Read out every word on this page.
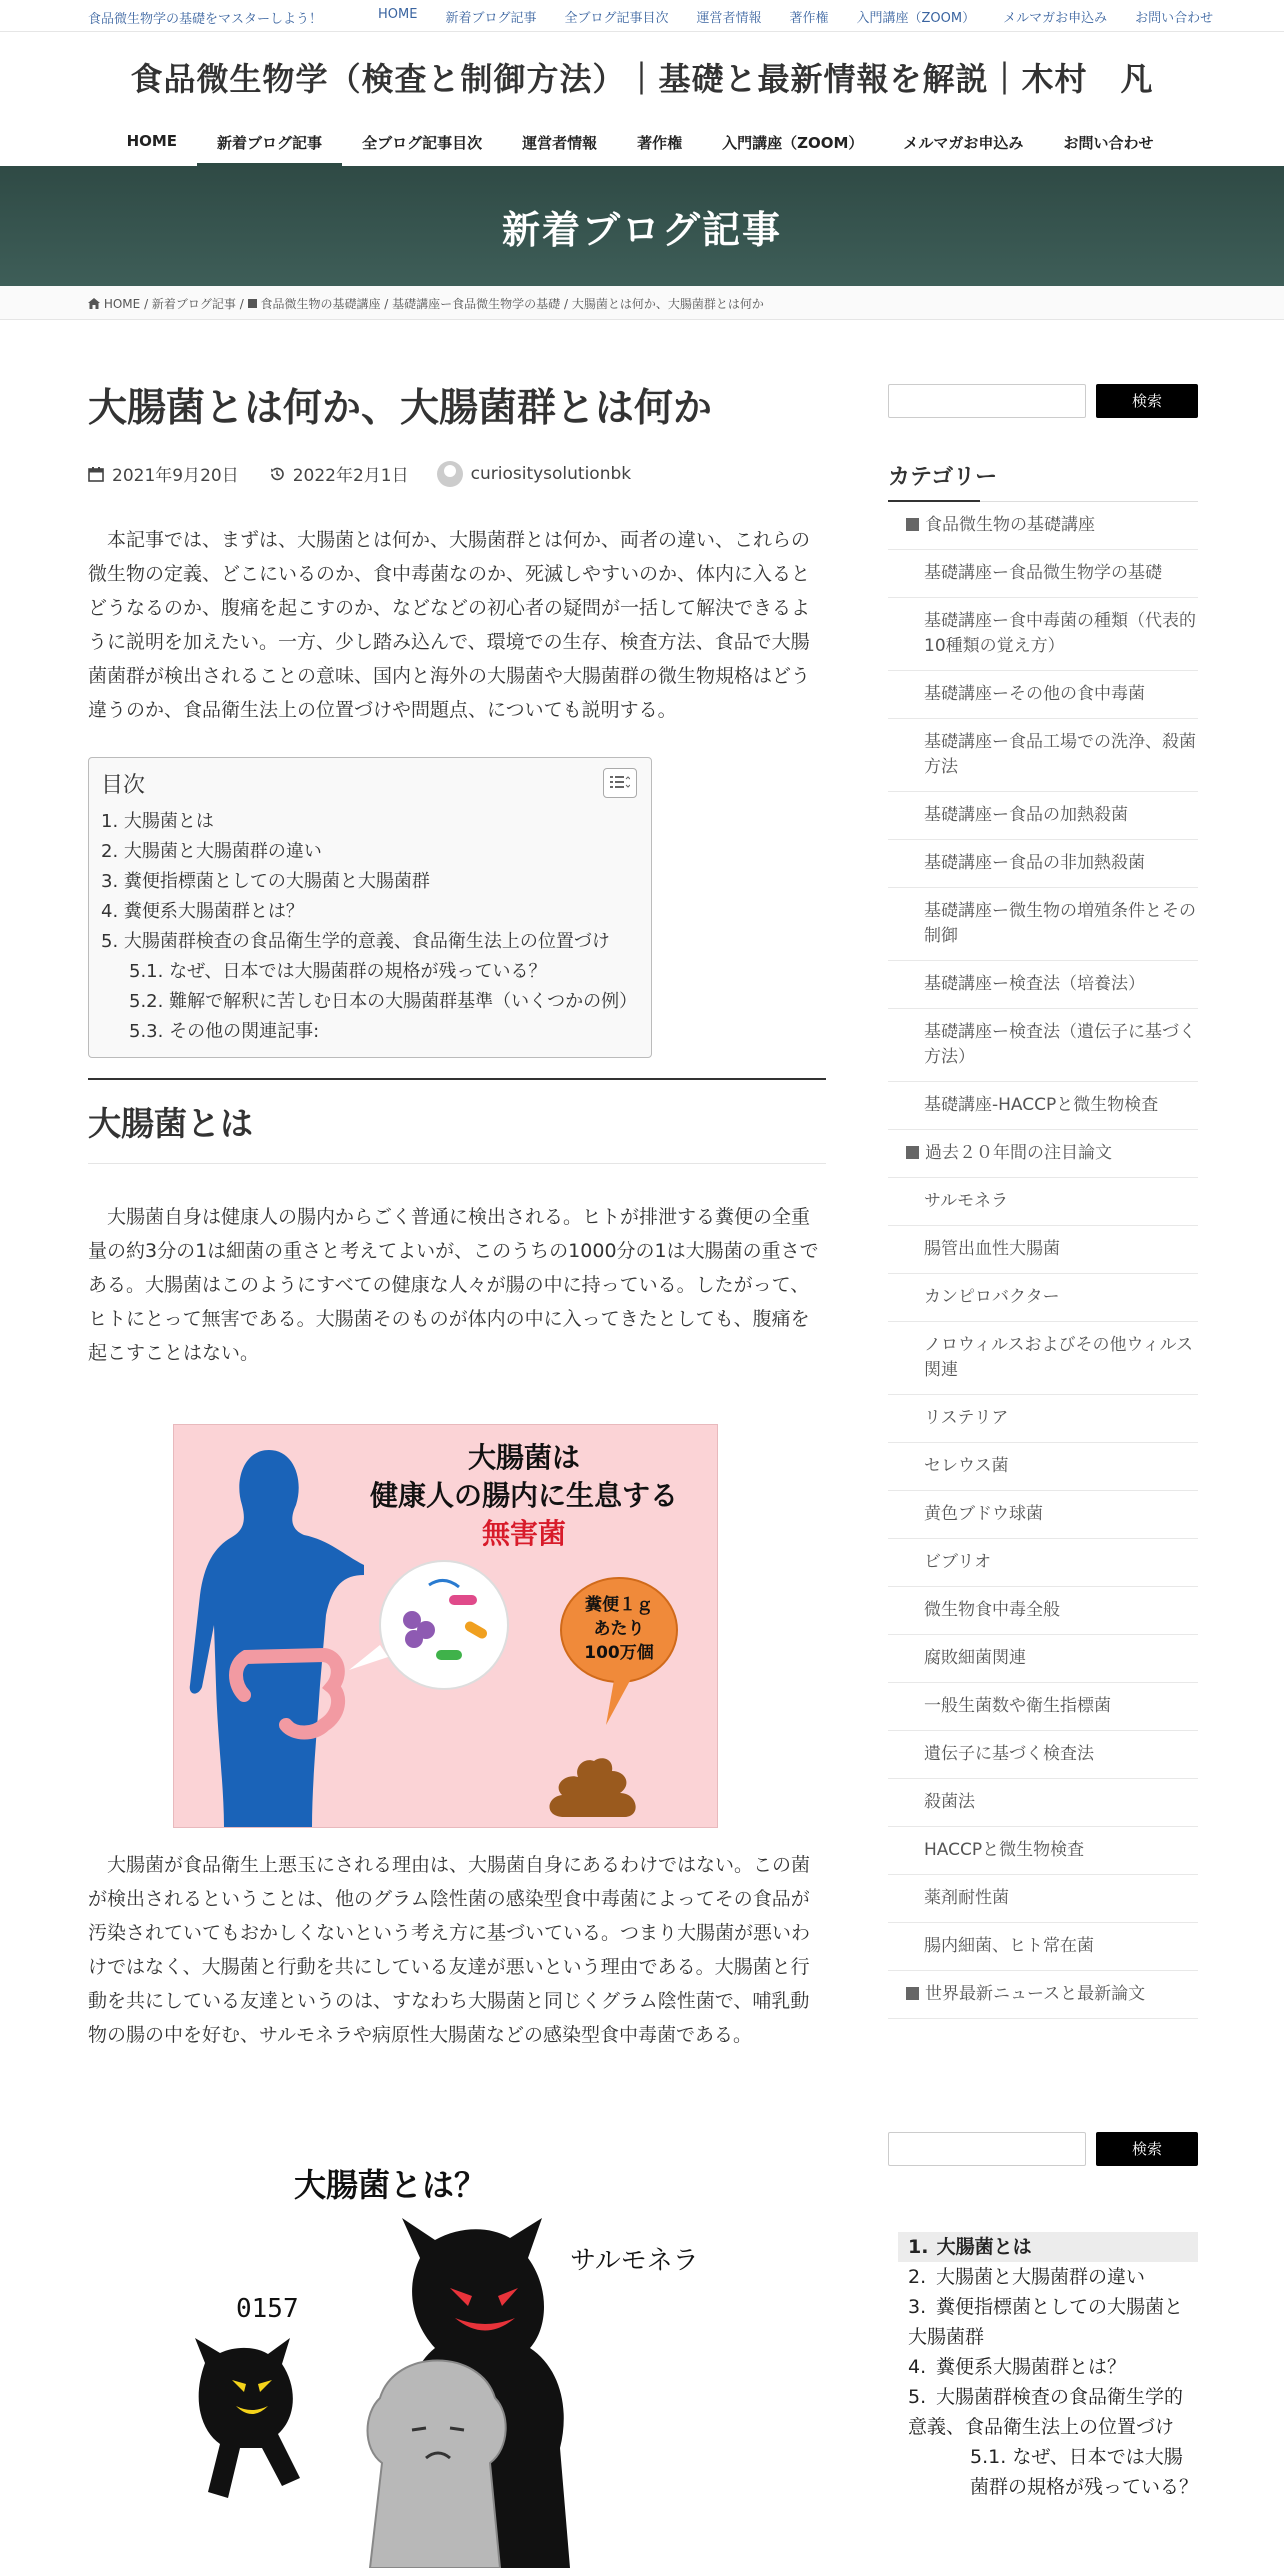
食品微生物学の基礎をマスターしよう！	HOME 新着ブログ記事 全ブログ記事目次 運営者情報 著作権 入門講座（ZOOM） メルマガお申込み お問い合わせ
食品微生物学（検査と制御方法）｜基礎と最新情報を解説｜木村　凡
HOME	新着ブログ記事	全ブログ記事目次	運営者情報	著作権	入門講座（ZOOM）	メルマガお申込み	お問い合わせ
新着ブログ記事
HOME / 新着ブログ記事 /  食品微生物の基礎講座 / 基礎講座ー食品微生物学の基礎 / 大腸菌とは何か、大腸菌群とは何か
大腸菌とは何か、大腸菌群とは何か
2021年9月20日	2022年2月1日	curiositysolutionbk

本記事では、まずは、大腸菌とは何か、大腸菌群とは何か、両者の違い、これらの微生物の定義、どこにいるのか、食中毒菌なのか、死滅しやすいのか、体内に入るとどうなるのか、腹痛を起こすのか、などなどの初心者の疑問が一括して解決できるように説明を加えたい。一方、少し踏み込んで、環境での生存、検査方法、食品で大腸菌菌群が検出されることの意味、国内と海外の大腸菌や大腸菌群の微生物規格はどう違うのか、食品衛生法上の位置づけや問題点、についても説明する。

目次
1. 大腸菌とは
2. 大腸菌と大腸菌群の違い
3. 糞便指標菌としての大腸菌と大腸菌群
4. 糞便系大腸菌群とは？
5. 大腸菌群検査の食品衛生学的意義、食品衛生法上の位置づけ
5.1. なぜ、日本では大腸菌群の規格が残っている？
5.2. 難解で解釈に苦しむ日本の大腸菌群基準（いくつかの例）
5.3. その他の関連記事:
大腸菌とは

大腸菌自身は健康人の腸内からごく普通に検出される。ヒトが排泄する糞便の全重量の約3分の1は細菌の重さと考えてよいが、このうちの1000分の1は大腸菌の重さである。大腸菌はこのようにすべての健康な人々が腸の中に持っている。したがって、ヒトにとって無害である。大腸菌そのものが体内の中に入ってきたとしても、腹痛を起こすことはない。

大腸菌は
健康人の腸内に生息する
無害菌
糞便１ｇ
あたり
100万個

大腸菌が食品衛生上悪玉にされる理由は、大腸菌自身にあるわけではない。この菌が検出されるということは、他のグラム陰性菌の感染型食中毒菌によってその食品が汚染されていてもおかしくないという考え方に基づいている。つまり大腸菌が悪いわけではなく、大腸菌と行動を共にしている友達が悪いという理由である。大腸菌と行動を共にしている友達というのは、すなわち大腸菌と同じくグラム陰性菌で、哺乳動物の腸の中を好む、サルモネラや病原性大腸菌などの感染型食中毒菌である。

大腸菌とは？
0157
サルモネラ
検索
カテゴリー
食品微生物の基礎講座
基礎講座ー食品微生物学の基礎
基礎講座ー食中毒菌の種類（代表的10種類の覚え方）
基礎講座ーその他の食中毒菌
基礎講座ー食品工場での洗浄、殺菌方法
基礎講座ー食品の加熱殺菌
基礎講座ー食品の非加熱殺菌
基礎講座ー微生物の増殖条件とその制御
基礎講座ー検査法（培養法）
基礎講座ー検査法（遺伝子に基づく方法）
基礎講座-HACCPと微生物検査
過去２０年間の注目論文
サルモネラ
腸管出血性大腸菌
カンピロバクター
ノロウィルスおよびその他ウィルス関連
リステリア
セレウス菌
黄色ブドウ球菌
ビブリオ
微生物食中毒全般
腐敗細菌関連
一般生菌数や衛生指標菌
遺伝子に基づく検査法
殺菌法
HACCPと微生物検査
薬剤耐性菌
腸内細菌、ヒト常在菌
世界最新ニュースと最新論文
検索
1. 大腸菌とは
2. 大腸菌と大腸菌群の違い
3. 糞便指標菌としての大腸菌と大腸菌群
4. 糞便系大腸菌群とは？
5. 大腸菌群検査の食品衛生学的意義、食品衛生法上の位置づけ
5.1. なぜ、日本では大腸菌群の規格が残っている？
